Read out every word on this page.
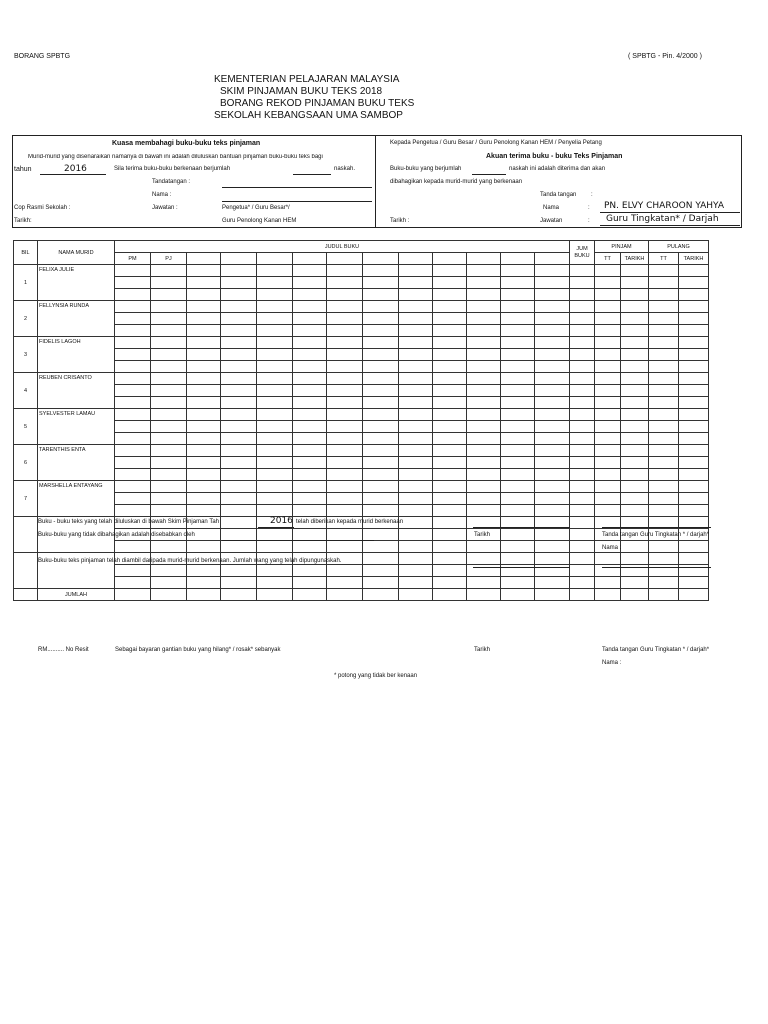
BORANG SPBTG	( SPBTG - Pin. 4/2000 )
KEMENTERIAN PELAJARAN MALAYSIA
SKIM PINJAMAN BUKU TEKS 2018
BORANG REKOD PINJAMAN BUKU TEKS
SEKOLAH KEBANGSAAN UMA SAMBOP
Kuasa membahagi buku-buku teks pinjaman
Murid-murid yang disenaraikan namanya di bawah ini adalah diluluskan bantuan pinjaman buku-buku teks bagi
tahun	2016	Sila terima buku-buku berkenaan berjumlah	naskah.
Tandatangan :
Nama :
Cop Rasmi Sekolah :	Jawatan :	Pengetua* / Guru Besar*/
Guru Penolong Kanan HEM
Tarikh:
Kepada Pengetua / Guru Besar / Guru Penolong Kanan HEM / Penyelia Petang
Akuan terima buku - buku Teks Pinjaman
Buku-buku yang berjumlah	naskah ini adalah diterima dan akan
dibahagikan kepada murid-murid yang berkenaan
Tanda tangan :
Nama	: PN. ELVY CHAROON YAHYA
Tarikh :	Jawatan	: Guru Tingkatan* / Darjah
BIL	NAMA MURID	JUDUL BUKU													JUM
BUKU	PINJAM		PULANG	
		PM	PJ													TT	TARIKH	TT	TARIKH
1	FELIXA JULIE																		

2	FELLYNSIA RUNDA																		

3	FIDELIS LAGOH																		

4	REUBEN CRISANTO																		

5	SYELVESTER LAMAU																		

6	TARENTHIS ENTA																		

7	MARSHELLA ENTAYANG																		

	JUMLAH																		
Buku - buku teks yang telah diluluskan di bawah Skim Pinjaman Tah	2016 telah diberikan kepada murid berkenaan
Buku-buku yang tidak dibahagikan adalah disebabkan oleh	Tarikh	Tanda tangan Guru Tingkatan * / darjah*
Nama :
Buku-buku teks pinjaman telah diambil daripada murid-murid berkenaan. Jumlah wang yang telah dipungunaskah.
RM.......... No Resit	Sebagai bayaran gantian buku yang hilang* / rosak* sebanyak	Tarikh	Tanda tangan Guru Tingkatan * / darjah*
Nama :
* potong yang tidak ber kenaan
